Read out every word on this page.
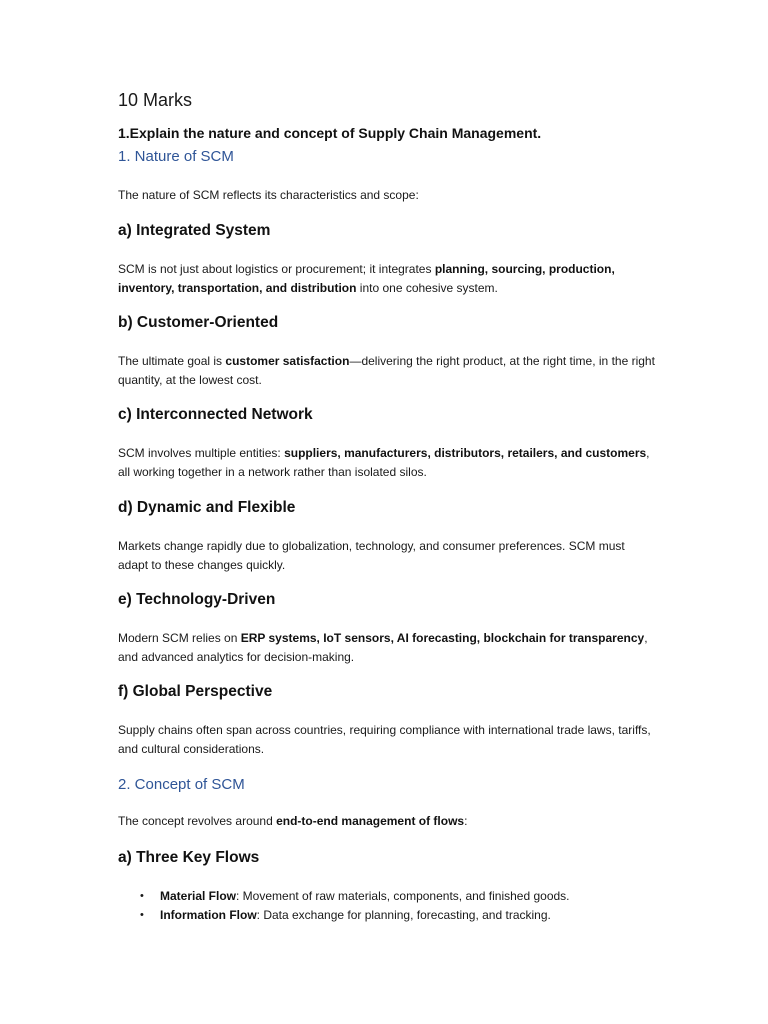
10 Marks
1.Explain the nature and concept of Supply Chain Management.
1. Nature of SCM
The nature of SCM reflects its characteristics and scope:
a) Integrated System
SCM is not just about logistics or procurement; it integrates planning, sourcing, production, inventory, transportation, and distribution into one cohesive system.
b) Customer-Oriented
The ultimate goal is customer satisfaction—delivering the right product, at the right time, in the right quantity, at the lowest cost.
c) Interconnected Network
SCM involves multiple entities: suppliers, manufacturers, distributors, retailers, and customers, all working together in a network rather than isolated silos.
d) Dynamic and Flexible
Markets change rapidly due to globalization, technology, and consumer preferences. SCM must adapt to these changes quickly.
e) Technology-Driven
Modern SCM relies on ERP systems, IoT sensors, AI forecasting, blockchain for transparency, and advanced analytics for decision-making.
f) Global Perspective
Supply chains often span across countries, requiring compliance with international trade laws, tariffs, and cultural considerations.
2. Concept of SCM
The concept revolves around end-to-end management of flows:
a) Three Key Flows
• Material Flow: Movement of raw materials, components, and finished goods.
• Information Flow: Data exchange for planning, forecasting, and tracking.
